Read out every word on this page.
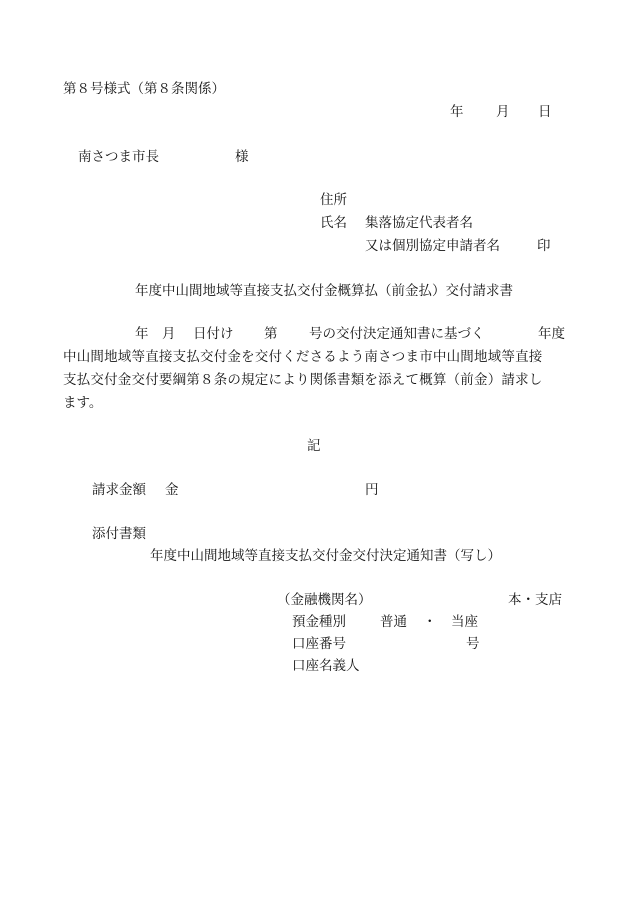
第８号様式（第８条関係）
年 月 日
南さつま市長	様
住所
氏名 集落協定代表者名
又は個別協定申請者名	印
年度中山間地域等直接支払交付金概算払（前金払）交付請求書
年 月 日付け 第 号の交付決定通知書に基づく	年度
中山間地域等直接支払交付金を交付くださるよう南さつま市中山間地域等直接
支払交付金交付要綱第８条の規定により関係書類を添えて概算（前金）請求し
ます。
記
請求金額 金	円
添付書類
年度中山間地域等直接支払交付金交付決定通知書（写し）
（金融機関名）	本・支店
預金種別	普通 ・ 当座
口座番号	号
口座名義人
